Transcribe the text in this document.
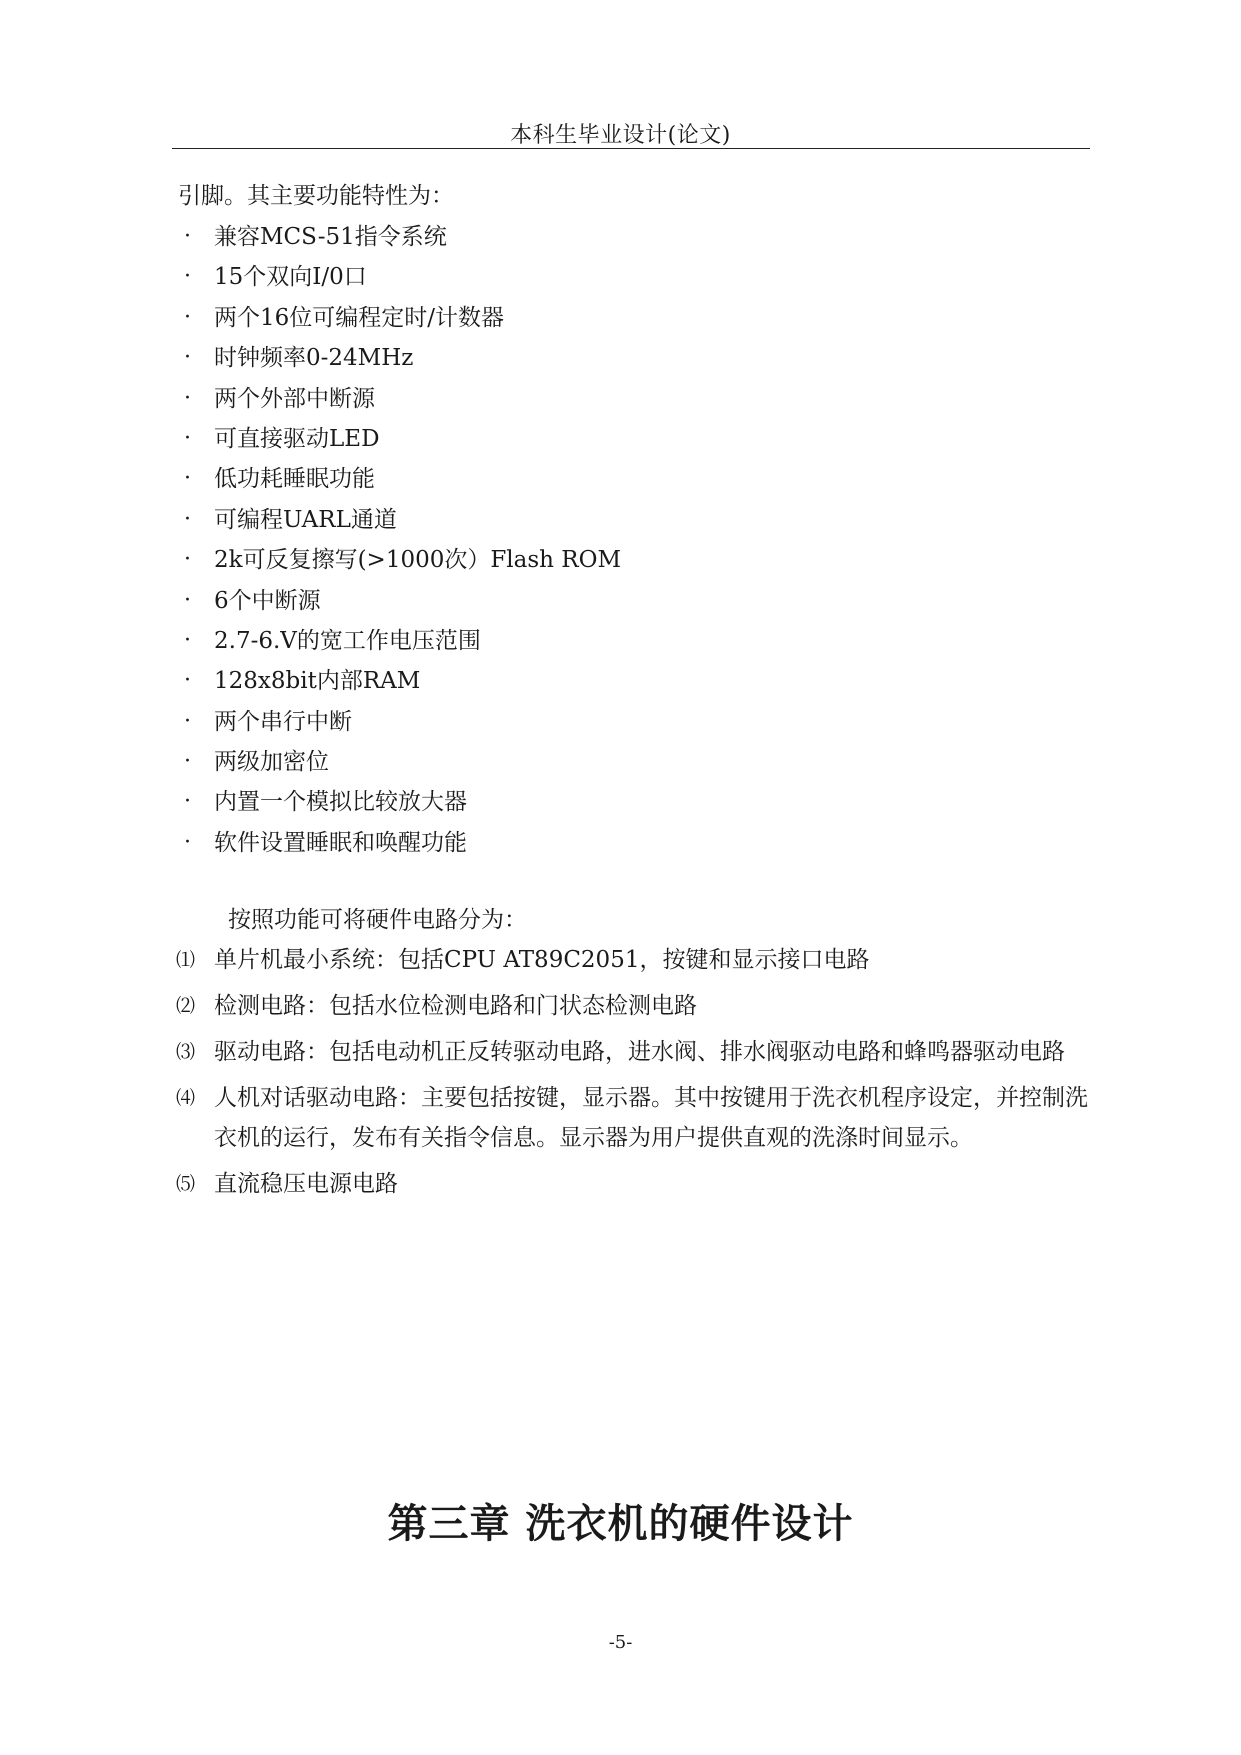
本科生毕业设计(论文)
引脚。其主要功能特性为：
·	兼容MCS-51指令系统
·	15个双向I/0口
·	两个16位可编程定时/计数器
·	时钟频率0-24MHz
·	两个外部中断源
·	可直接驱动LED
·	低功耗睡眠功能
·	可编程UARL通道
·	2k可反复擦写(>1000次）Flash ROM
·	6个中断源
·	2.7-6.V的宽工作电压范围
·	128x8bit内部RAM
·	两个串行中断
·	两级加密位
·	内置一个模拟比较放大器
·	软件设置睡眠和唤醒功能
按照功能可将硬件电路分为：
⑴ 单片机最小系统：包括CPU AT89C2051，按键和显示接口电路
⑵ 检测电路：包括水位检测电路和门状态检测电路
⑶ 驱动电路：包括电动机正反转驱动电路，进水阀、排水阀驱动电路和蜂鸣器驱动电路
⑷ 人机对话驱动电路：主要包括按键，显示器。其中按键用于洗衣机程序设定，并控制洗衣机的运行，发布有关指令信息。显示器为用户提供直观的洗涤时间显示。
⑸ 直流稳压电源电路
第三章 洗衣机的硬件设计
-5-
